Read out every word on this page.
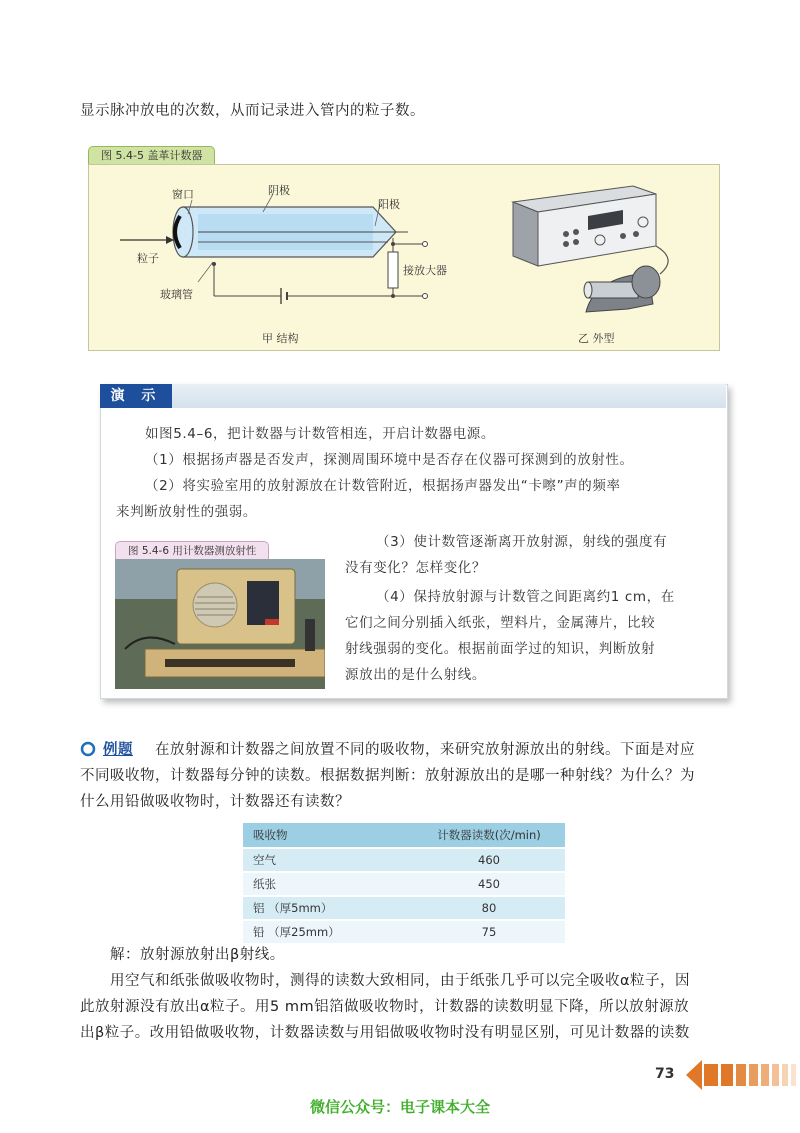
显示脉冲放电的次数，从而记录进入管内的粒子数。
图 5.4-5 盖革计数器
窗口	阴极
阳极
粒子
接放大器
玻璃管
甲 结构	乙 外型
演 示
如图5.4–6，把计数器与计数管相连，开启计数器电源。
（1）根据扬声器是否发声，探测周围环境中是否存在仪器可探测到的放射性。
（2）将实验室用的放射源放在计数管附近，根据扬声器发出“卡嚓”声的频率
来判断放射性的强弱。
图 5.4-6 用计数器测放射性
（3）使计数管逐渐离开放射源，射线的强度有
没有变化？怎样变化？
（4）保持放射源与计数管之间距离约1 cm，在
它们之间分别插入纸张，塑料片，金属薄片，比较
射线强弱的变化。根据前面学过的知识，判断放射
源放出的是什么射线。
例题 在放射源和计数器之间放置不同的吸收物，来研究放射源放出的射线。下面是对应
不同吸收物，计数器每分钟的读数。根据数据判断：放射源放出的是哪一种射线？为什么？为
什么用铅做吸收物时，计数器还有读数？
吸收物	计数器读数(次/min)
空气	460
纸张	450
铝 （厚5mm）	80
铅 （厚25mm）	75
解：放射源放射出β射线。
用空气和纸张做吸收物时，测得的读数大致相同，由于纸张几乎可以完全吸收α粒子，因
此放射源没有放出α粒子。用5 mm铝箔做吸收物时，计数器的读数明显下降，所以放射源放
出β粒子。改用铅做吸收物，计数器读数与用铝做吸收物时没有明显区别，可见计数器的读数
73
微信公众号：电子课本大全
